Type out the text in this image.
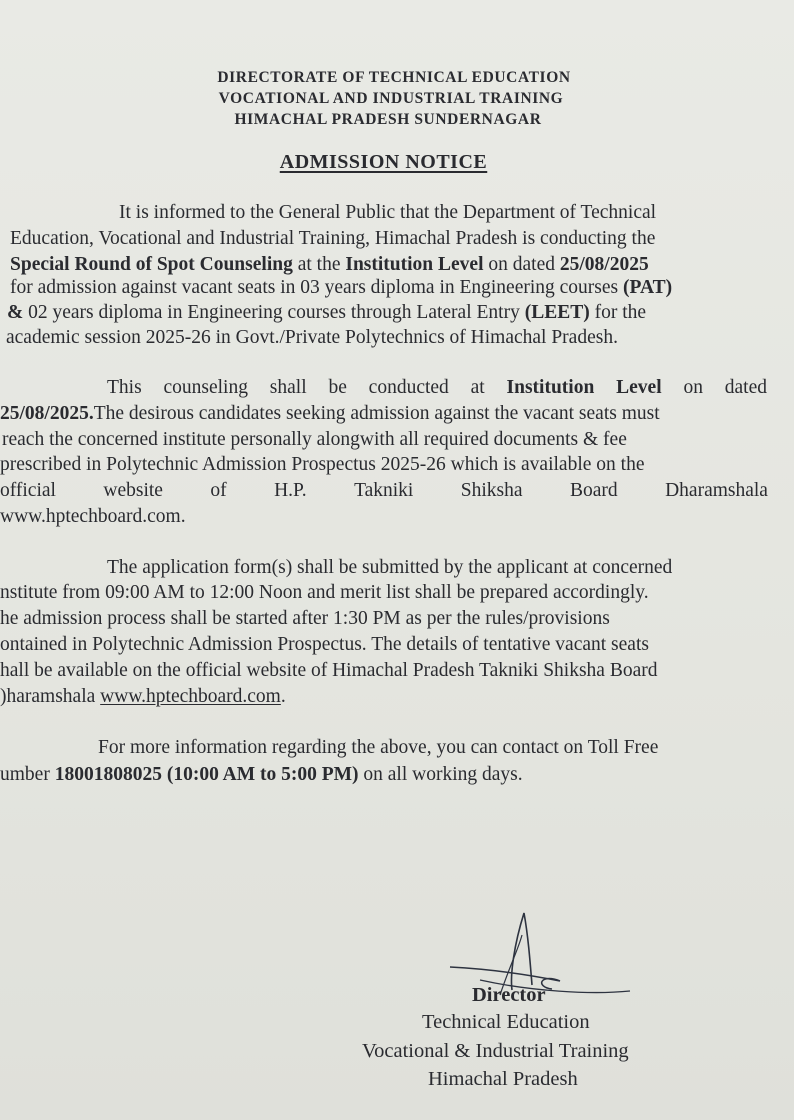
DIRECTORATE OF TECHNICAL EDUCATION
VOCATIONAL AND INDUSTRIAL TRAINING
HIMACHAL PRADESH SUNDERNAGAR
ADMISSION NOTICE
It is informed to the General Public that the Department of Technical
Education, Vocational and Industrial Training, Himachal Pradesh is conducting the
Special Round of Spot Counseling at the Institution Level on dated 25/08/2025
for admission against vacant seats in 03 years diploma in Engineering courses (PAT)
& 02 years diploma in Engineering courses through Lateral Entry (LEET) for the
academic session 2025-26 in Govt./Private Polytechnics of Himachal Pradesh.
This counseling shall be conducted at Institution Level on dated
25/08/2025.The desirous candidates seeking admission against the vacant seats must
reach the concerned institute personally alongwith all required documents & fee
prescribed in Polytechnic Admission Prospectus 2025-26 which is available on the
official website of H.P. Takniki Shiksha Board Dharamshala
www.hptechboard.com.
The application form(s) shall be submitted by the applicant at concerned
nstitute from 09:00 AM to 12:00 Noon and merit list shall be prepared accordingly.
he admission process shall be started after 1:30 PM as per the rules/provisions
ontained in Polytechnic Admission Prospectus. The details of tentative vacant seats
hall be available on the official website of Himachal Pradesh Takniki Shiksha Board
)haramshala www.hptechboard.com.
For more information regarding the above, you can contact on Toll Free
umber 18001808025 (10:00 AM to 5:00 PM) on all working days.
Director
Technical Education
Vocational & Industrial Training
Himachal Pradesh
